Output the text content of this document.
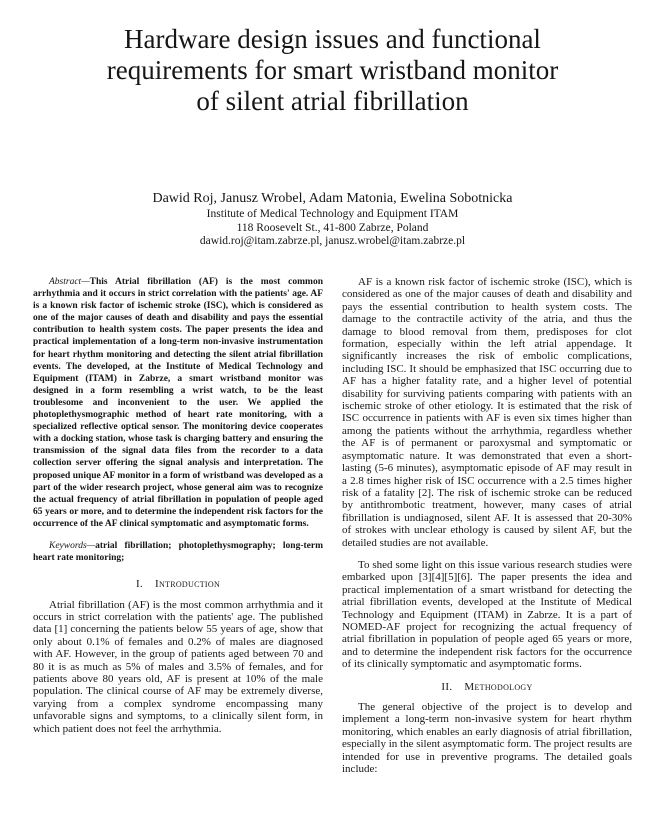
Hardware design issues and functional
requirements for smart wristband monitor
of silent atrial fibrillation
Dawid Roj, Janusz Wrobel, Adam Matonia, Ewelina Sobotnicka
Institute of Medical Technology and Equipment ITAM
118 Roosevelt St., 41-800 Zabrze, Poland
dawid.roj@itam.zabrze.pl, janusz.wrobel@itam.zabrze.pl

Abstract—This Atrial fibrillation (AF) is the most common arrhythmia and it occurs in strict correlation with the patients' age. AF is a known risk factor of ischemic stroke (ISC), which is considered as one of the major causes of death and disability and pays the essential contribution to health system costs. The paper presents the idea and practical implementation of a long-term non-invasive instrumentation for heart rhythm monitoring and detecting the silent atrial fibrillation events. The developed, at the Institute of Medical Technology and Equipment (ITAM) in Zabrze, a smart wristband monitor was designed in a form resembling a wrist watch, to be the least troublesome and inconvenient to the user. We applied the photoplethysmographic method of heart rate monitoring, with a specialized reflective optical sensor. The monitoring device cooperates with a docking station, whose task is charging battery and ensuring the transmission of the signal data files from the recorder to a data collection server offering the signal analysis and interpretation. The proposed unique AF monitor in a form of wristband was developed as a part of the wider research project, whose general aim was to recognize the actual frequency of atrial fibrillation in population of people aged 65 years or more, and to determine the independent risk factors for the occurrence of the AF clinical symptomatic and asymptomatic forms.

Keywords—atrial fibrillation; photoplethysmography; long-term heart rate monitoring;

I. Introduction

Atrial fibrillation (AF) is the most common arrhythmia and it occurs in strict correlation with the patients' age. The published data [1] concerning the patients below 55 years of age, show that only about 0.1% of females and 0.2% of males are diagnosed with AF. However, in the group of patients aged between 70 and 80 it is as much as 5% of males and 3.5% of females, and for patients above 80 years old, AF is present at 10% of the male population. The clinical course of AF may be extremely diverse, varying from a complex syndrome encompassing many unfavorable signs and symptoms, to a clinically silent form, in which patient does not feel the arrhythmia.

AF is a known risk factor of ischemic stroke (ISC), which is considered as one of the major causes of death and disability and pays the essential contribution to health system costs. The damage to the contractile activity of the atria, and thus the damage to blood removal from them, predisposes for clot formation, especially within the left atrial appendage. It significantly increases the risk of embolic complications, including ISC. It should be emphasized that ISC occurring due to AF has a higher fatality rate, and a higher level of potential disability for surviving patients comparing with patients with an ischemic stroke of other etiology. It is estimated that the risk of ISC occurrence in patients with AF is even six times higher than among the patients without the arrhythmia, regardless whether the AF is of permanent or paroxysmal and symptomatic or asymptomatic nature. It was demonstrated that even a short-lasting (5-6 minutes), asymptomatic episode of AF may result in a 2.8 times higher risk of ISC occurrence with a 2.5 times higher risk of a fatality [2]. The risk of ischemic stroke can be reduced by antithrombotic treatment, however, many cases of atrial fibrillation is undiagnosed, silent AF. It is assessed that 20-30% of strokes with unclear ethology is caused by silent AF, but the detailed studies are not available.

To shed some light on this issue various research studies were embarked upon [3][4][5][6]. The paper presents the idea and practical implementation of a smart wristband for detecting the atrial fibrillation events, developed at the Institute of Medical Technology and Equipment (ITAM) in Zabrze. It is a part of NOMED-AF project for recognizing the actual frequency of atrial fibrillation in population of people aged 65 years or more, and to determine the independent risk factors for the occurrence of its clinically symptomatic and asymptomatic forms.

II. Methodology

The general objective of the project is to develop and implement a long-term non-invasive system for heart rhythm monitoring, which enables an early diagnosis of atrial fibrillation, especially in the silent asymptomatic form. The project results are intended for use in preventive programs. The detailed goals include:
